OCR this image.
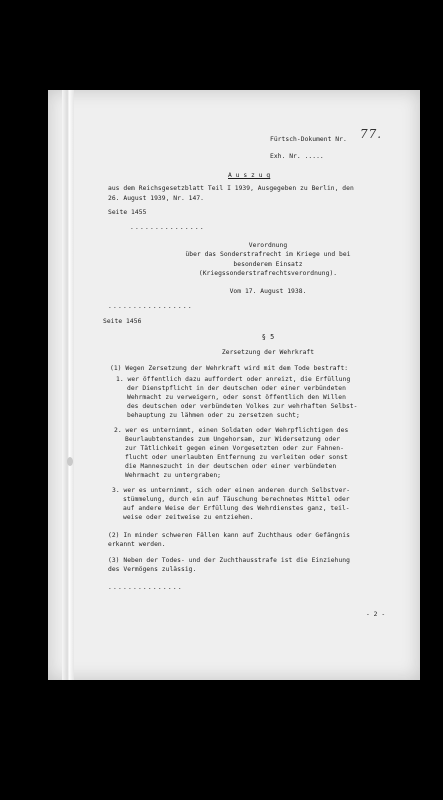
Fürtsch-Dokument Nr. 77.
Exh. Nr. .....
A u s z u g
aus dem Reichsgesetzblatt Teil I 1939, Ausgegeben zu Berlin, den
26. August 1939, Nr. 147.
Seite 1455
...............
Verordnung
über das Sonderstrafrecht im Kriege und bei
besonderem Einsatz
(Kriegssonderstrafrechtsverordnung).
Vom 17. August 1938.
.................
Seite 1456
§ 5
Zersetzung der Wehrkraft
(1) Wegen Zersetzung der Wehrkraft wird mit dem Tode bestraft:
1. wer öffentlich dazu auffordert oder anreizt, die Erfüllung
der Dienstpflicht in der deutschen oder einer verbündeten
Wehrmacht zu verweigern, oder sonst öffentlich den Willen
des deutschen oder verbündeten Volkes zur wehrhaften Selbst-
behauptung zu lähmen oder zu zersetzen sucht;
2. wer es unternimmt, einen Soldaten oder Wehrpflichtigen des
Beurlaubtenstandes zum Ungehorsam, zur Widersetzung oder
zur Tätlichkeit gegen einen Vorgesetzten oder zur Fahnen-
flucht oder unerlaubten Entfernung zu verleiten oder sonst
die Manneszucht in der deutschen oder einer verbündeten
Wehrmacht zu untergraben;
3. wer es unternimmt, sich oder einen anderen durch Selbstver-
stümmelung, durch ein auf Täuschung berechnetes Mittel oder
auf andere Weise der Erfüllung des Wehrdienstes ganz, teil-
weise oder zeitweise zu entziehen.
(2) In minder schweren Fällen kann auf Zuchthaus oder Gefängnis
erkannt werden.
(3) Neben der Todes- und der Zuchthausstrafe ist die Einziehung
des Vermögens zulässig.
...............
- 2 -
